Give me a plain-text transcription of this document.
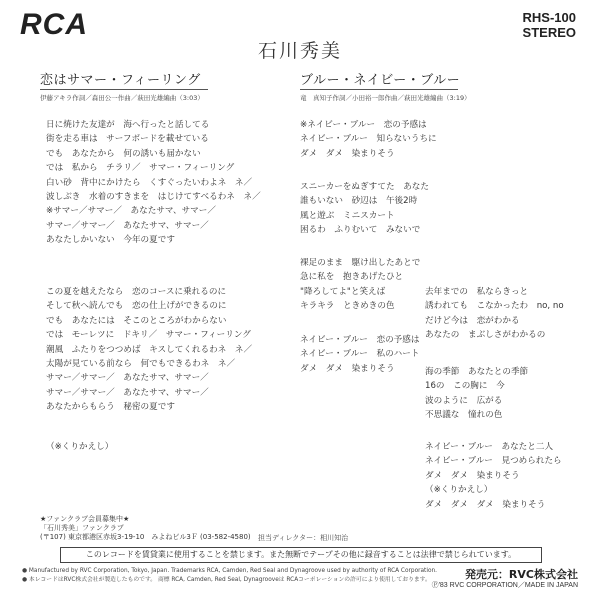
RCA	RHS-100
STEREO
石川秀美
恋はサマー・フィーリング
伊藤アキラ作詞／森田公一作曲／萩田光雄編曲（3:03）
日に焼けた友達が　海へ行ったと話してる
街を走る車は　サーフボードを載せている
でも　あなたから　何の誘いも届かない
では　私から　チラリ／　サマー・フィーリング
白い砂　背中にかけたら　くすぐったいわよネ　ネ／
波しぶき　水着のすきまを　はじけてすべるわネ　ネ／
※サマー／サマー／　あなたサマ、サマー／
サマー／サマー／　あなたサマ、サマー／
あなたしかいない　今年の夏です
この夏を越えたなら　恋のコースに乗れるのに
そして秋へ読んでも　恋の仕上げができるのに
でも　あなたには　そこのところがわからない
では　モーレツに　ドキリ／　サマー・フィーリング
潮風　ふたりをつつめば　キスしてくれるわネ　ネ／
太陽が見ている前なら　何でもできるわネ　ネ／
サマー／サマー／　あなたサマ、サマー／
サマー／サマー／　あなたサマ、サマー／
あなたからもらう　秘密の夏です
（※くりかえし）
ブルー・ネイビー・ブルー
竜　真知子作詞／小田裕一郎作曲／萩田光雄編曲（3:19）
※ネイビー・ブルー　恋の予感は
ネイビー・ブルー　知らないうちに
ダメ　ダメ　染まりそう
スニーカーをぬぎすてた　あなた
誰もいない　砂辺は　午後2時
風と遊ぶ　ミニスカート
困るわ　ふりむいて　みないで
裸足のまま　駆け出したあとで
急に私を　抱きあげたひと
"降ろしてよ"と笑えば
キラキラ　ときめきの色
ネイビー・ブルー　恋の予感は
ネイビー・ブルー　私のハート
ダメ　ダメ　染まりそう
去年までの　私ならきっと
誘われても　こなかったわ　no, no
だけど今は　恋がわかる
あなたの　まぶしさがわかるの
海の季節　あなたとの季節
16の　この胸に　今
波のように　広がる
不思議な　憧れの色
ネイビー・ブルー　あなたと二人
ネイビー・ブルー　見つめられたら
ダメ　ダメ　染まりそう
（※くりかえし）
ダメ　ダメ　ダメ　染まりそう
★ファンクラブ会員募集中★
「石川秀美」ファンクラブ
(〒107) 東京都港区赤坂3-19-10　みよねビル3Ｆ (03-582-4580) 担当ディレクター：相川知治
このレコードを賃貸業に使用することを禁じます。また無断でテープその他に録音することは法律で禁じられています。
● Manufactured by RVC Corporation, Tokyo, Japan. Trademarks RCA, Camden, Red Seal and Dynagroove used by authority of RCA Corporation.
● 本レコードはRVC株式会社が製造したものです。 商標 RCA, Camden, Red Seal, Dynagrooveは RCAコーポレーションの許可により使用しております。	発売元：RVC株式会社
Ⓟ'83 RVC CORPORATION／MADE IN JAPAN
